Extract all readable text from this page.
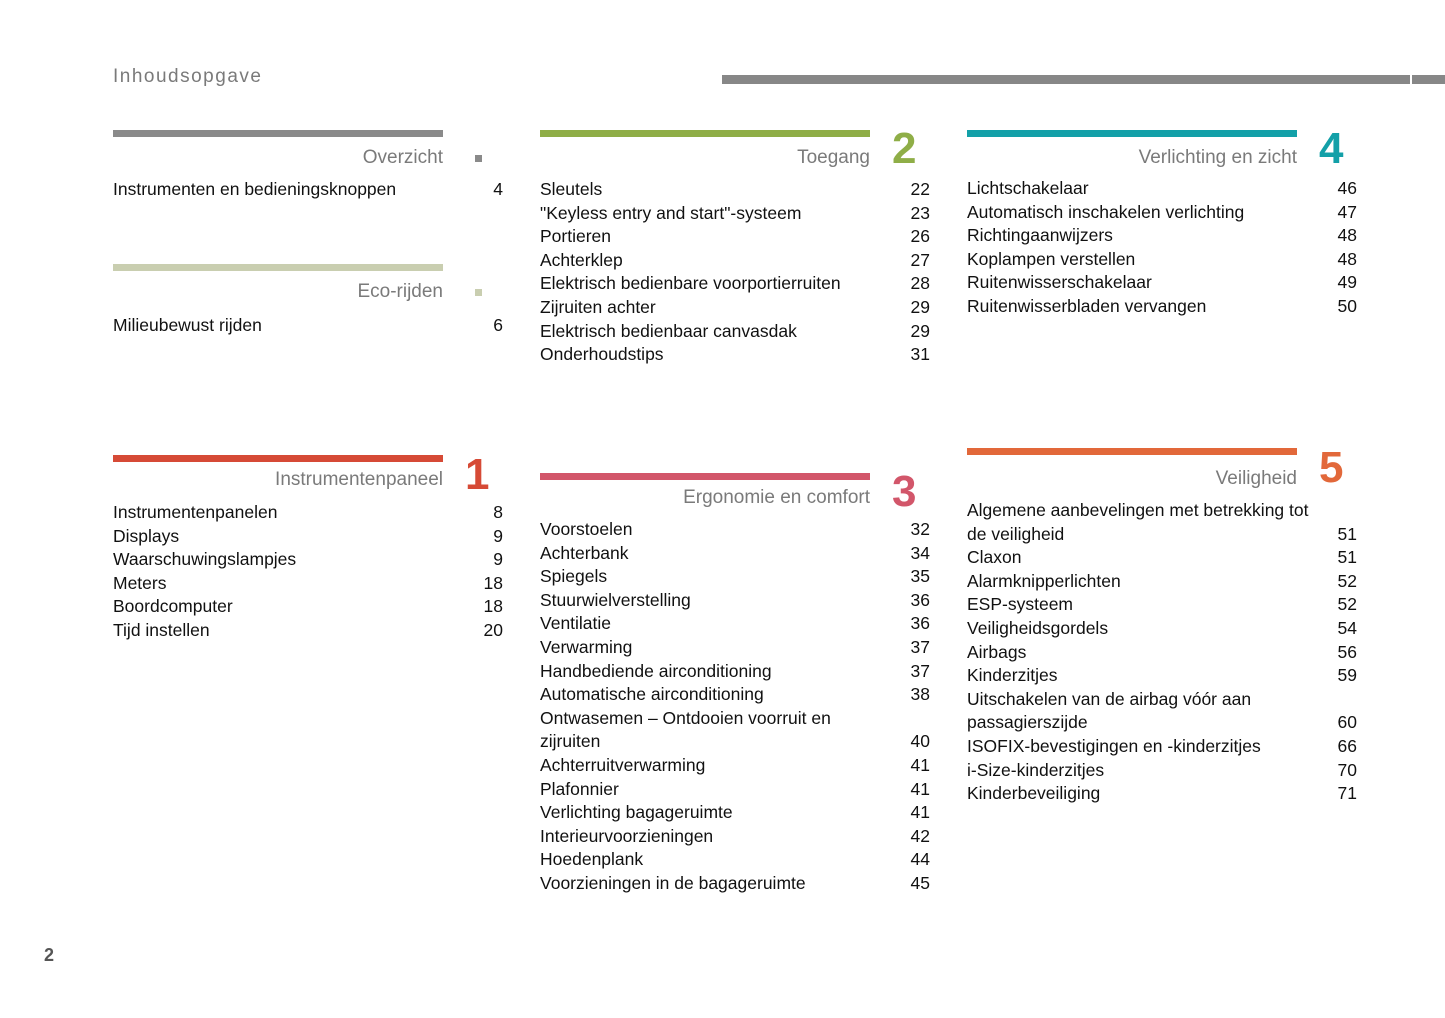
Inhoudsopgave
Overzicht
Instrumenten en bedieningsknoppen	4
Eco-rijden
Milieubewust rijden	6
Instrumentenpaneel 1
Instrumentenpanelen	8
Displays	9
Waarschuwingslampjes	9
Meters	18
Boordcomputer	18
Tijd instellen	20
Toegang 2
Sleutels	22
"Keyless entry and start"-systeem	23
Portieren	26
Achterklep	27
Elektrisch bedienbare voorportierruiten	28
Zijruiten achter	29
Elektrisch bedienbaar canvasdak	29
Onderhoudstips	31
Ergonomie en comfort 3
Voorstoelen	32
Achterbank	34
Spiegels	35
Stuurwielverstelling	36
Ventilatie	36
Verwarming	37
Handbediende airconditioning	37
Automatische airconditioning	38
Ontwasemen – Ontdooien voorruit en zijruiten	40
Achterruitverwarming	41
Plafonnier	41
Verlichting bagageruimte	41
Interieurvoorzieningen	42
Hoedenplank	44
Voorzieningen in de bagageruimte	45
Verlichting en zicht 4
Lichtschakelaar	46
Automatisch inschakelen verlichting	47
Richtingaanwijzers	48
Koplampen verstellen	48
Ruitenwisserschakelaar	49
Ruitenwisserbladen vervangen	50
Veiligheid 5
Algemene aanbevelingen met betrekking tot de veiligheid	51
Claxon	51
Alarmknipperlichten	52
ESP-systeem	52
Veiligheidsgordels	54
Airbags	56
Kinderzitjes	59
Uitschakelen van de airbag vóór aan passagierszijde	60
ISOFIX-bevestigingen en -kinderzitjes	66
i-Size-kinderzitjes	70
Kinderbeveiliging	71
2
